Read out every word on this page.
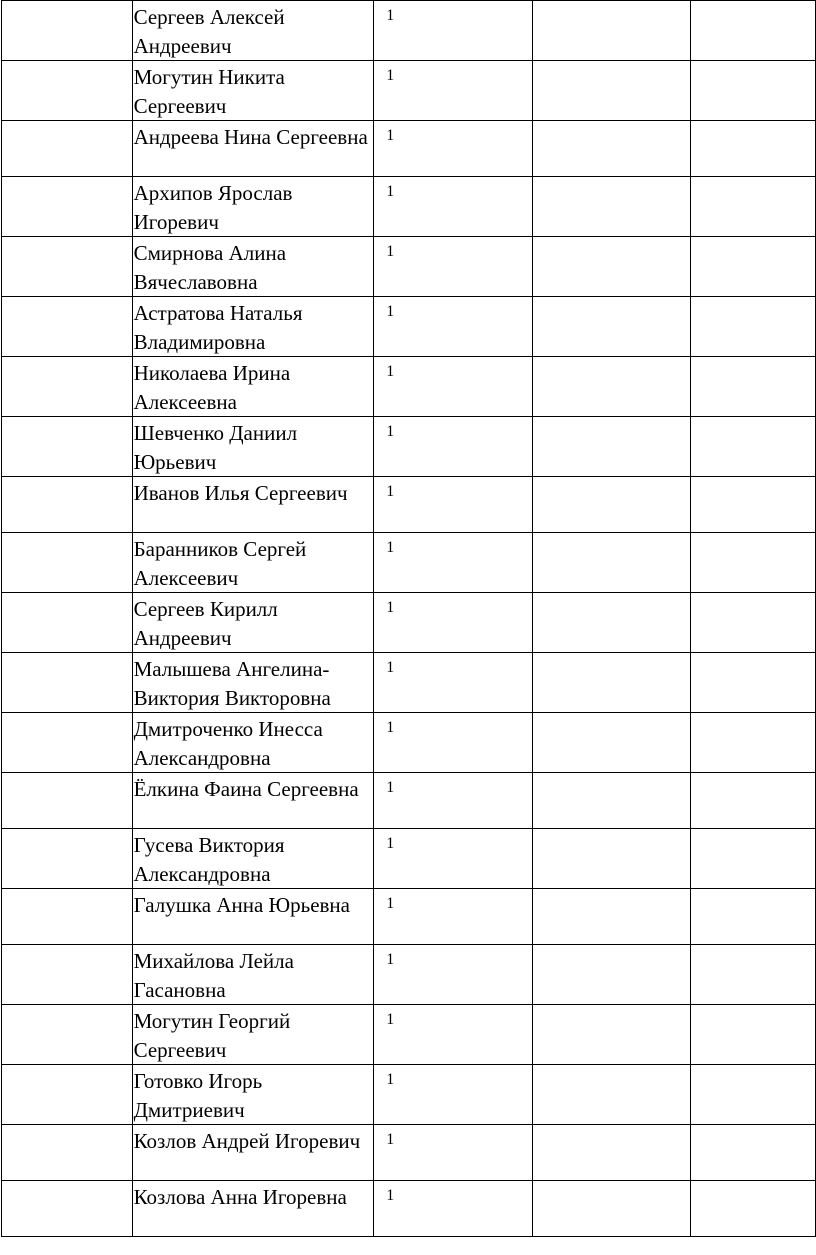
	Сергеев Алексей Андреевич	1		
	Могутин Никита Сергеевич	1		
	Андреева Нина Сергеевна	1		
	Архипов Ярослав Игоревич	1		
	Смирнова Алина Вячеславовна	1		
	Астратова Наталья Владимировна	1		
	Николаева Ирина Алексеевна	1		
	Шевченко Даниил Юрьевич	1		
	Иванов Илья Сергеевич	1		
	Баранников Сергей Алексеевич	1		
	Сергеев Кирилл Андреевич	1		
	Малышева Ангелина-Виктория Викторовна	1		
	Дмитроченко Инесса Александровна	1		
	Ёлкина Фаина Сергеевна	1		
	Гусева Виктория Александровна	1		
	Галушка Анна Юрьевна	1		
	Михайлова Лейла Гасановна	1		
	Могутин Георгий Сергеевич	1		
	Готовко Игорь Дмитриевич	1		
	Козлов Андрей Игоревич	1		
	Козлова Анна Игоревна	1		
